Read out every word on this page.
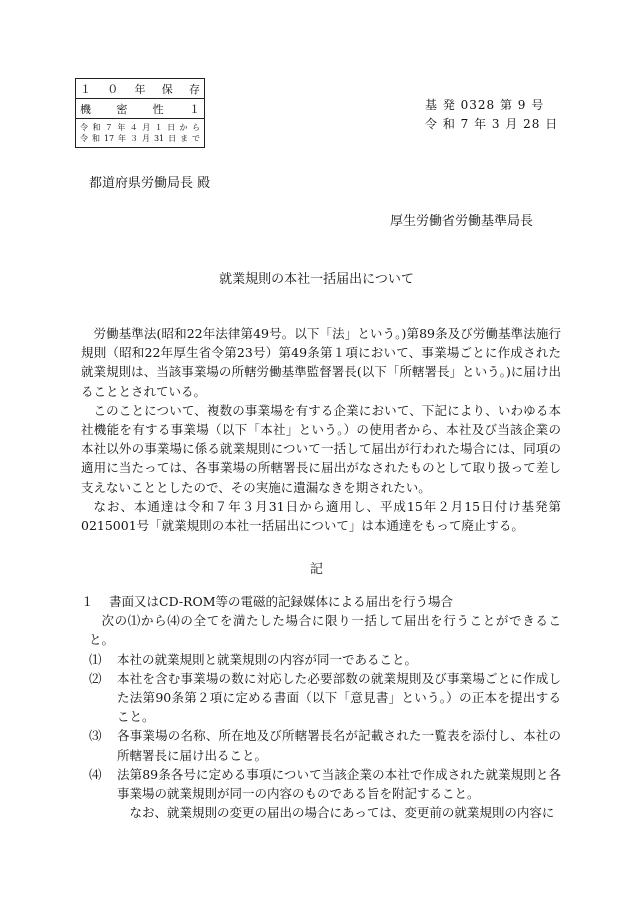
１０年保存
機密性１

令和７年４月１日から
令和17年３月31日まで
基 発 0328 第 9 号
令 和 7 年 3 月 28 日
都道府県労働局長 殿
厚生労働省労働基準局長
就業規則の本社一括届出について

労働基準法(昭和22年法律第49号。以下「法」という。)第89条及び労働基準法施行規則（昭和22年厚生省令第23号）第49条第１項において、事業場ごとに作成された就業規則は、当該事業場の所轄労働基準監督署長(以下「所轄署長」という。)に届け出ることとされている。

このことについて、複数の事業場を有する企業において、下記により、いわゆる本社機能を有する事業場（以下「本社」という。）の使用者から、本社及び当該企業の本社以外の事業場に係る就業規則について一括して届出が行われた場合には、同項の適用に当たっては、各事業場の所轄署長に届出がなされたものとして取り扱って差し支えないこととしたので、その実施に遺漏なきを期されたい。

なお、本通達は令和７年３月31日から適用し、平成15年２月15日付け基発第0215001号「就業規則の本社一括届出について」は本通達をもって廃止する。

記
１ 書面又はCD-ROM等の電磁的記録媒体による届出を行う場合
次の⑴から⑷の全てを満たした場合に限り一括して届出を行うことができること。
⑴ 本社の就業規則と就業規則の内容が同一であること。
⑵ 本社を含む事業場の数に対応した必要部数の就業規則及び事業場ごとに作成した法第90条第２項に定める書面（以下「意見書」という。）の正本を提出すること。
⑶ 各事業場の名称、所在地及び所轄署長名が記載された一覧表を添付し、本社の所轄署長に届け出ること。
⑷ 法第89条各号に定める事項について当該企業の本社で作成された就業規則と各事業場の就業規則が同一の内容のものである旨を附記すること。
なお、就業規則の変更の届出の場合にあっては、変更前の就業規則の内容に
